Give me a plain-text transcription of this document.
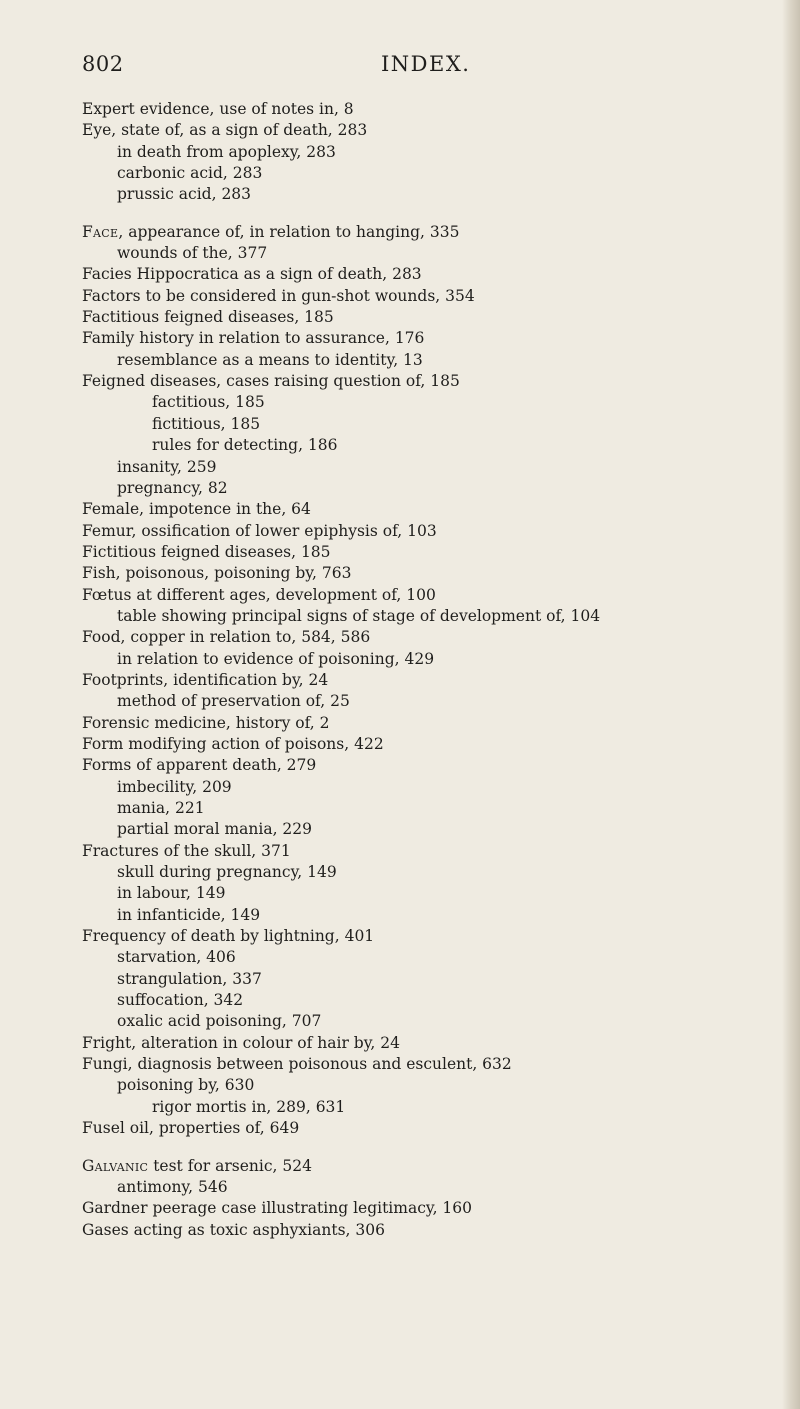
802	INDEX.
Expert evidence, use of notes in, 8
Eye, state of, as a sign of death, 283
in death from apoplexy, 283
carbonic acid, 283
prussic acid, 283
Face, appearance of, in relation to hanging, 335
wounds of the, 377
Facies Hippocratica as a sign of death, 283
Factors to be considered in gun-shot wounds, 354
Factitious feigned diseases, 185
Family history in relation to assurance, 176
resemblance as a means to identity, 13
Feigned diseases, cases raising question of, 185
factitious, 185
fictitious, 185
rules for detecting, 186
insanity, 259
pregnancy, 82
Female, impotence in the, 64
Femur, ossification of lower epiphysis of, 103
Fictitious feigned diseases, 185
Fish, poisonous, poisoning by, 763
Fœtus at different ages, development of, 100
table showing principal signs of stage of development of, 104
Food, copper in relation to, 584, 586
in relation to evidence of poisoning, 429
Footprints, identification by, 24
method of preservation of, 25
Forensic medicine, history of, 2
Form modifying action of poisons, 422
Forms of apparent death, 279
imbecility, 209
mania, 221
partial moral mania, 229
Fractures of the skull, 371
skull during pregnancy, 149
in labour, 149
in infanticide, 149
Frequency of death by lightning, 401
starvation, 406
strangulation, 337
suffocation, 342
oxalic acid poisoning, 707
Fright, alteration in colour of hair by, 24
Fungi, diagnosis between poisonous and esculent, 632
poisoning by, 630
rigor mortis in, 289, 631
Fusel oil, properties of, 649
Galvanic test for arsenic, 524
antimony, 546
Gardner peerage case illustrating legitimacy, 160
Gases acting as toxic asphyxiants, 306
